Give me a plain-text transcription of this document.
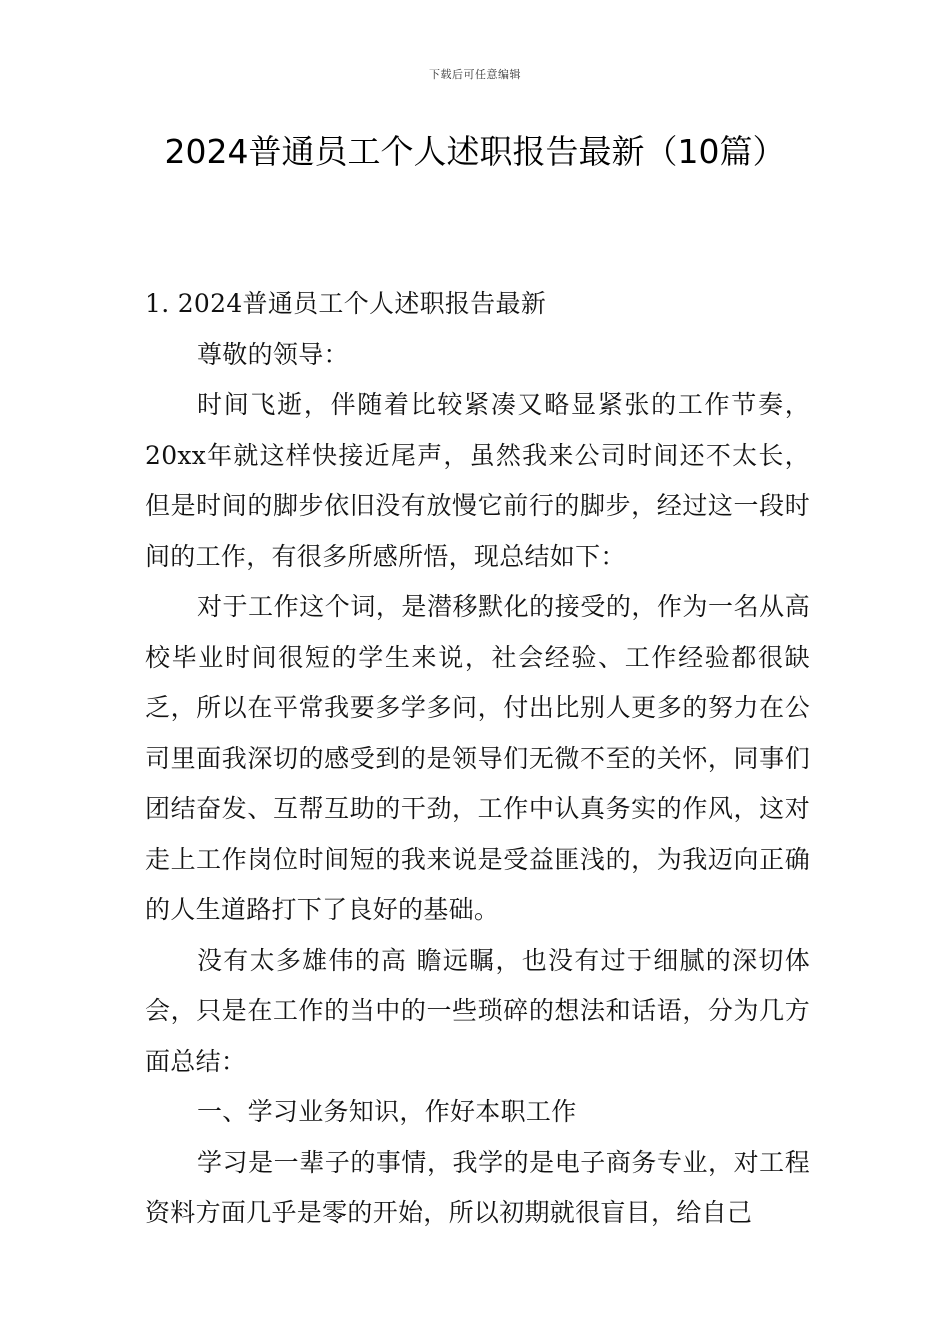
下载后可任意编辑
2024普通员工个人述职报告最新（10篇）

1. 2024普通员工个人述职报告最新

尊敬的领导：

时间飞逝，伴随着比较紧凑又略显紧张的工作节奏，20xx年就这样快接近尾声，虽然我来公司时间还不太长，但是时间的脚步依旧没有放慢它前行的脚步，经过这一段时间的工作，有很多所感所悟，现总结如下：

对于工作这个词，是潜移默化的接受的，作为一名从高校毕业时间很短的学生来说，社会经验、工作经验都很缺乏，所以在平常我要多学多问，付出比别人更多的努力在公司里面我深切的感受到的是领导们无微不至的关怀，同事们团结奋发、互帮互助的干劲，工作中认真务实的作风，这对走上工作岗位时间短的我来说是受益匪浅的，为我迈向正确的人生道路打下了良好的基础。

没有太多雄伟的高 瞻远瞩，也没有过于细腻的深切体会，只是在工作的当中的一些琐碎的想法和话语，分为几方面总结：

一、学习业务知识，作好本职工作

学习是一辈子的事情，我学的是电子商务专业，对工程资料方面几乎是零的开始，所以初期就很盲目，给自己
